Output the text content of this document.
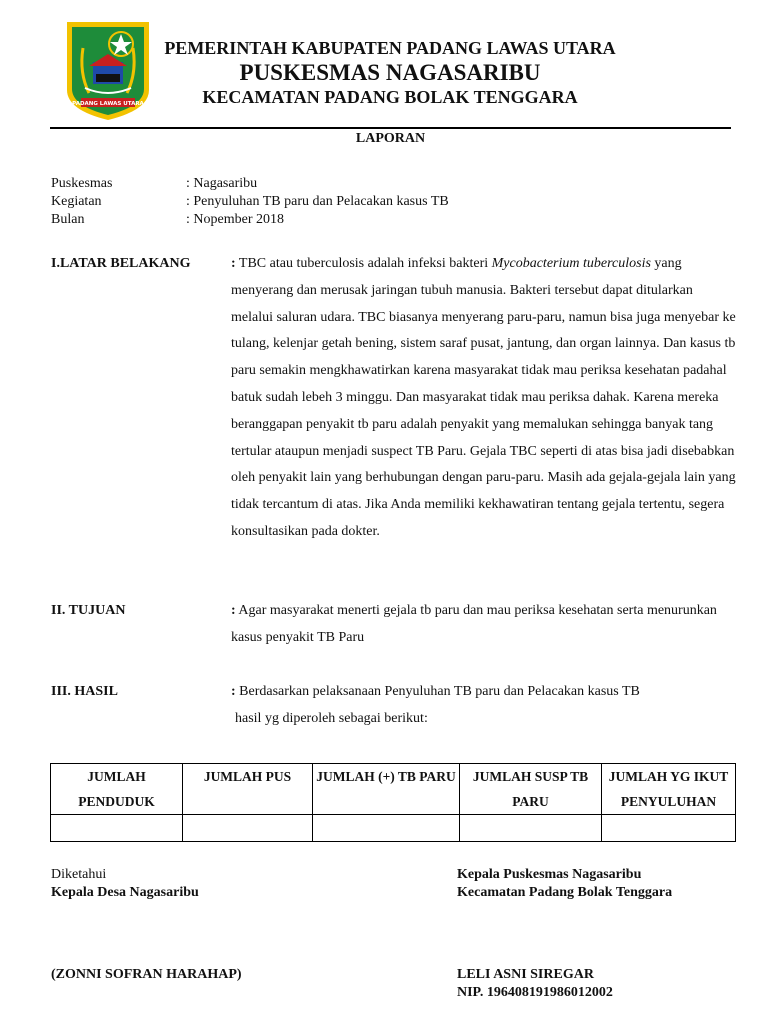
PADANG LAWAS UTARA
PEMERINTAH KABUPATEN PADANG LAWAS UTARA
PUSKESMAS NAGASARIBU
KECAMATAN PADANG BOLAK TENGGARA
LAPORAN
Puskesmas	: Nagasaribu
Kegiatan	: Penyuluhan TB paru dan Pelacakan kasus TB
Bulan	: Nopember 2018
I.LATAR BELAKANG	: TBC atau tuberculosis adalah infeksi bakteri Mycobacterium tuberculosis yang menyerang dan merusak jaringan tubuh manusia. Bakteri tersebut dapat ditularkan melalui saluran udara. TBC biasanya menyerang paru-paru, namun bisa juga menyebar ke tulang, kelenjar getah bening, sistem saraf pusat, jantung, dan organ lainnya. Dan kasus tb paru semakin mengkhawatirkan karena masyarakat tidak mau periksa kesehatan padahal batuk sudah lebeh 3 minggu. Dan masyarakat tidak mau periksa dahak. Karena mereka beranggapan penyakit tb paru adalah penyakit yang memalukan sehingga banyak tang tertular ataupun menjadi suspect TB Paru. Gejala TBC seperti di atas bisa jadi disebabkan oleh penyakit lain yang berhubungan dengan paru-paru. Masih ada gejala-gejala lain yang tidak tercantum di atas. Jika Anda memiliki kekhawatiran tentang gejala tertentu, segera konsultasikan pada dokter.
II. TUJUAN	: Agar masyarakat menerti gejala tb paru dan mau periksa kesehatan serta menurunkan kasus penyakit TB Paru
III. HASIL	: Berdasarkan pelaksanaan Penyuluhan TB paru dan Pelacakan kasus TB
hasil yg diperoleh sebagai berikut:
JUMLAH PENDUDUK	JUMLAH PUS	JUMLAH (+) TB PARU	JUMLAH SUSP TB PARU	JUMLAH YG IKUT PENYULUHAN

Diketahui
Kepala Desa Nagasaribu
(ZONNI SOFRAN HARAHAP)
Kepala Puskesmas Nagasaribu
Kecamatan Padang Bolak Tenggara
LELI ASNI SIREGAR
NIP. 196408191986012002
